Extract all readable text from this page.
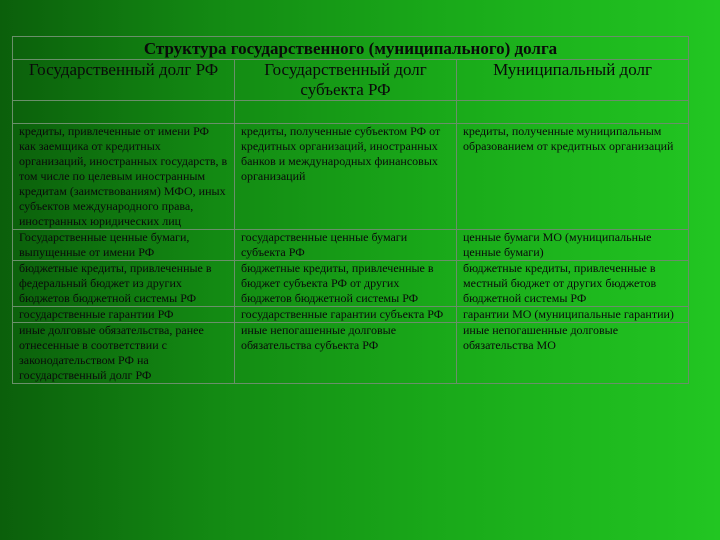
Структура государственного (муниципального) долга		
Государственный долг РФ	Государственный долг субъекта РФ	Муниципальный долг

кредиты, привлеченные от имени РФ как заемщика от кредитных организаций, иностранных государств, в том числе по целевым иностранным кредитам (заимствованиям) МФО, иных субъектов международного права, иностранных юридических лиц	кредиты, полученные субъектом РФ от кредитных организаций, иностранных банков и международных финансовых организаций	кредиты, полученные муниципальным образованием от кредитных организаций
Государственные ценные бумаги, выпущенные от имени РФ	государственные ценные бумаги субъекта РФ	ценные бумаги МО (муниципальные ценные бумаги)
бюджетные кредиты, привлеченные в федеральный бюджет из других бюджетов бюджетной системы РФ	бюджетные кредиты, привлеченные в бюджет субъекта РФ от других бюджетов бюджетной системы РФ	бюджетные кредиты, привлеченные в местный бюджет от других бюджетов бюджетной системы РФ
государственные гарантии РФ	государственные гарантии субъекта РФ	гарантии МО (муниципальные гарантии)
иные долговые обязательства, ранее отнесенные в соответствии с законодательством РФ на государственный долг РФ	иные непогашенные долговые обязательства субъекта РФ	иные непогашенные долговые обязательства МО
